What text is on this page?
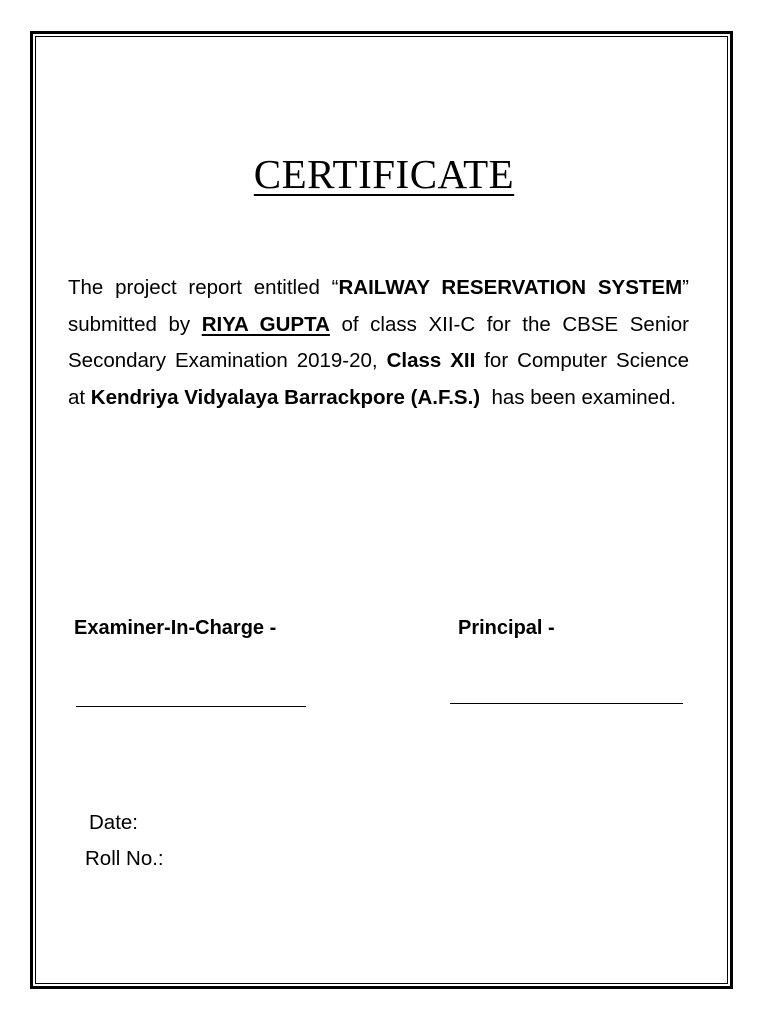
CERTIFICATE

The project report entitled “RAILWAY RESERVATION SYSTEM” submitted by RIYA GUPTA of class XII-C for the CBSE Senior Secondary Examination 2019-20, Class XII for Computer Science at Kendriya Vidyalaya Barrackpore (A.F.S.)  has been examined.

Examiner-In-Charge -	Principal -
Date:
Roll No.:
